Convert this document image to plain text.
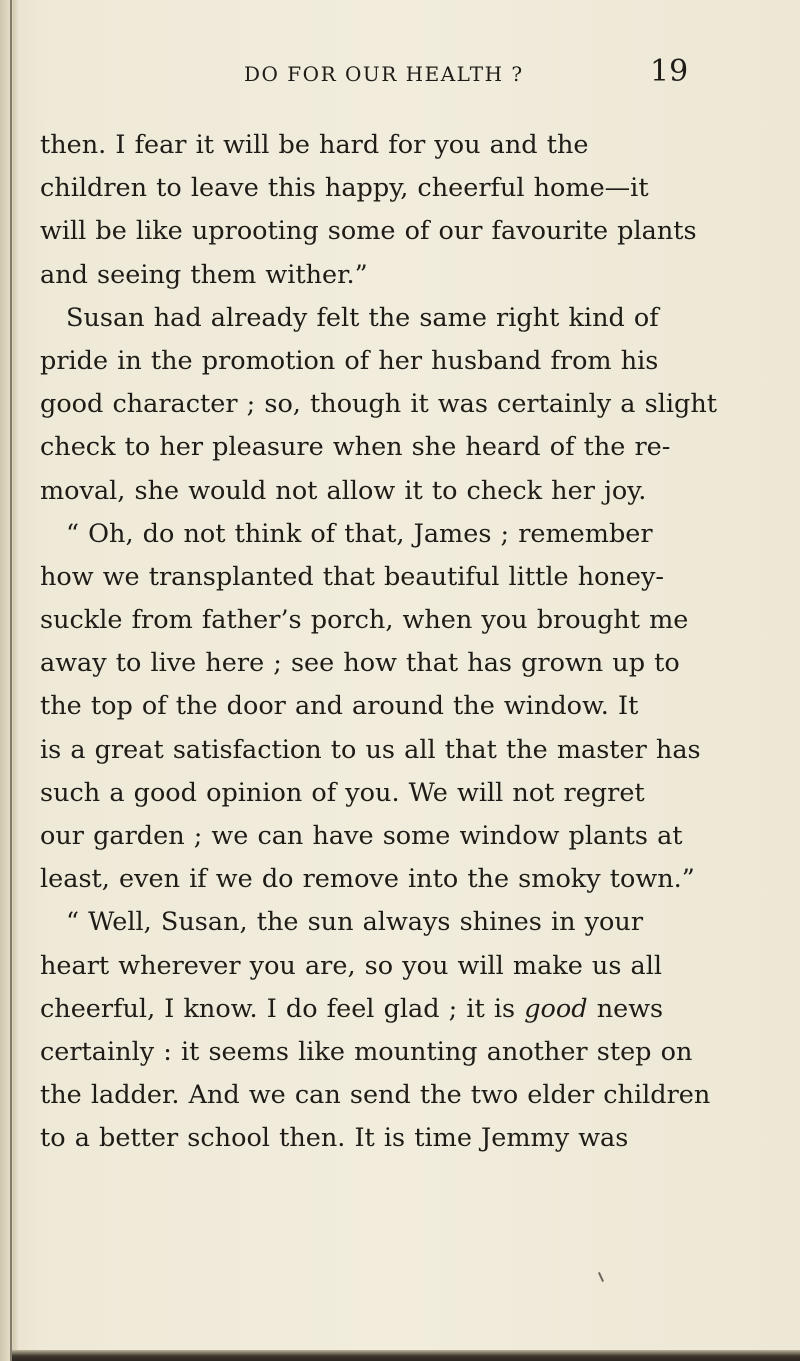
DO FOR OUR HEALTH ?	19
then. I fear it will be hard for you and the
children to leave this happy, cheerful home—it
will be like uprooting some of our favourite plants
and seeing them wither.”
Susan had already felt the same right kind of
pride in the promotion of her husband from his
good character ; so, though it was certainly a slight
check to her pleasure when she heard of the re-
moval, she would not allow it to check her joy.
“ Oh, do not think of that, James ; remember
how we transplanted that beautiful little honey-
suckle from father’s porch, when you brought me
away to live here ; see how that has grown up to
the top of the door and around the window. It
is a great satisfaction to us all that the master has
such a good opinion of you. We will not regret
our garden ; we can have some window plants at
least, even if we do remove into the smoky town.”
“ Well, Susan, the sun always shines in your
heart wherever you are, so you will make us all
cheerful, I know. I do feel glad ; it is good news
certainly : it seems like mounting another step on
the ladder. And we can send the two elder children
to a better school then. It is time Jemmy was
